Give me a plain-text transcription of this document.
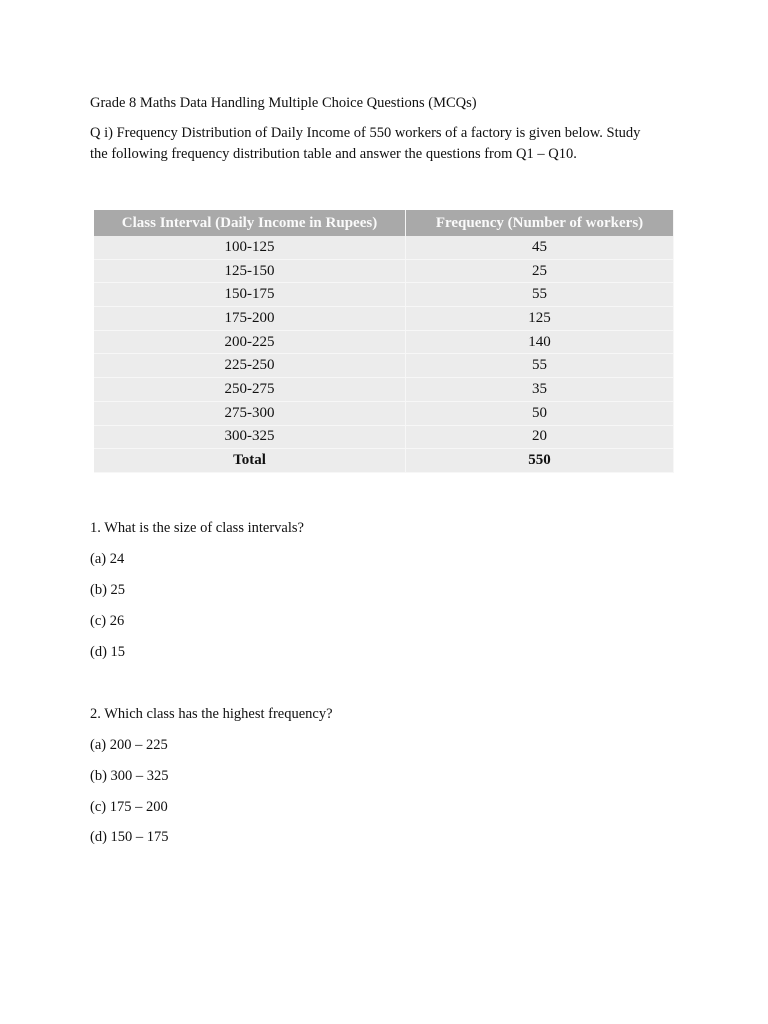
Grade 8 Maths Data Handling Multiple Choice Questions (MCQs)
Q i) Frequency Distribution of Daily Income of 550 workers of a factory is given below. Study
the following frequency distribution table and answer the questions from Q1 – Q10.
Class Interval (Daily Income in Rupees)	Frequency (Number of workers)
100-125	45
125-150	25
150-175	55
175-200	125
200-225	140
225-250	55
250-275	35
275-300	50
300-325	20
Total	550
1. What is the size of class intervals?
(a) 24
(b) 25
(c) 26
(d) 15
2. Which class has the highest frequency?
(a) 200 – 225
(b) 300 – 325
(c) 175 – 200
(d) 150 – 175
